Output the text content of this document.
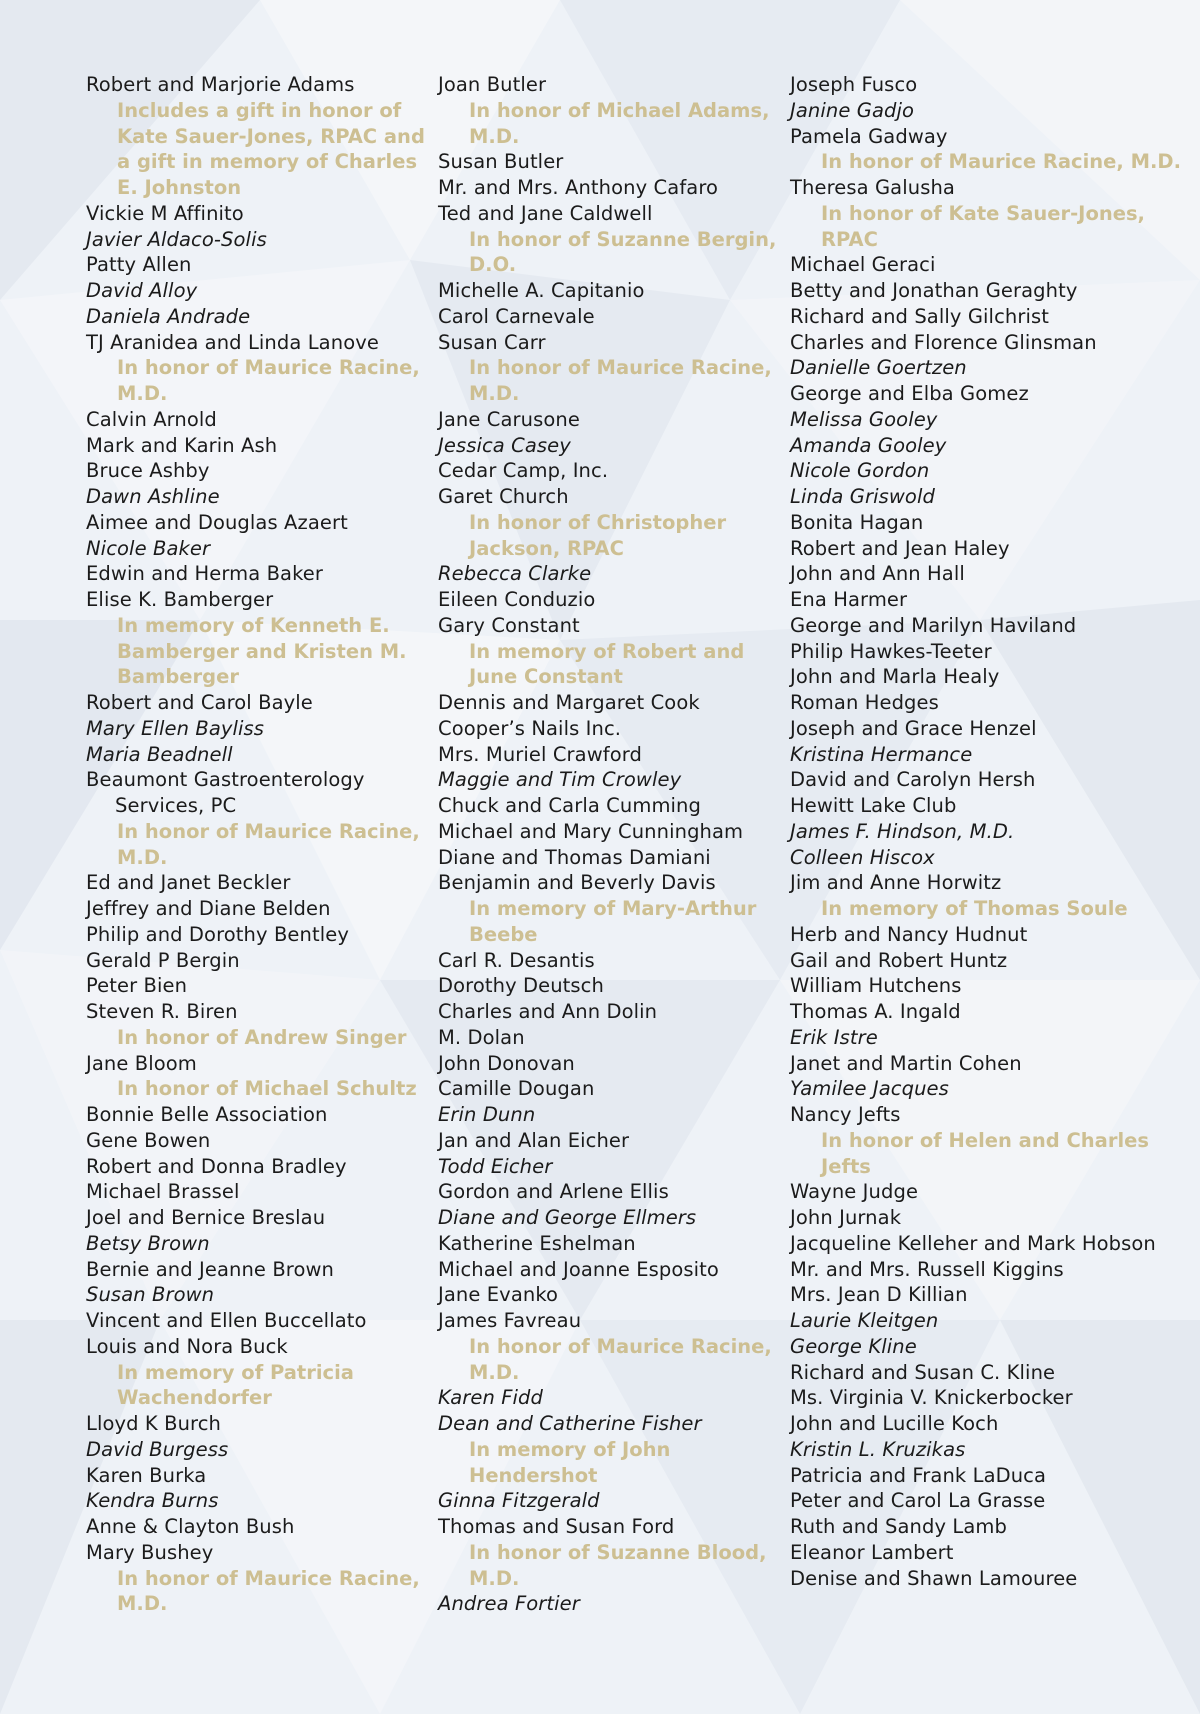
Robert and Marjorie Adams
Includes a gift in honor of Kate Sauer-Jones, RPAC and a gift in memory of Charles E. Johnston
Vickie M Affinito
Javier Aldaco-Solis
Patty Allen
David Alloy
Daniela Andrade
TJ Aranidea and Linda Lanove
In honor of Maurice Racine, M.D.
Calvin Arnold
Mark and Karin Ash
Bruce Ashby
Dawn Ashline
Aimee and Douglas Azaert
Nicole Baker
Edwin and Herma Baker
Elise K. Bamberger
In memory of Kenneth E. Bamberger and Kristen M. Bamberger
Robert and Carol Bayle
Mary Ellen Bayliss
Maria Beadnell
Beaumont Gastroenterology Services, PC
In honor of Maurice Racine, M.D.
Ed and Janet Beckler
Jeffrey and Diane Belden
Philip and Dorothy Bentley
Gerald P Bergin
Peter Bien
Steven R. Biren
In honor of Andrew Singer
Jane Bloom
In honor of Michael Schultz
Bonnie Belle Association
Gene Bowen
Robert and Donna Bradley
Michael Brassel
Joel and Bernice Breslau
Betsy Brown
Bernie and Jeanne Brown
Susan Brown
Vincent and Ellen Buccellato
Louis and Nora Buck
In memory of Patricia Wachendorfer
Lloyd K Burch
David Burgess
Karen Burka
Kendra Burns
Anne & Clayton Bush
Mary Bushey
In honor of Maurice Racine, M.D.
Joan Butler
In honor of Michael Adams, M.D.
Susan Butler
Mr. and Mrs. Anthony Cafaro
Ted and Jane Caldwell
In honor of Suzanne Bergin, D.O.
Michelle A. Capitanio
Carol Carnevale
Susan Carr
In honor of Maurice Racine, M.D.
Jane Carusone
Jessica Casey
Cedar Camp, Inc.
Garet Church
In honor of Christopher Jackson, RPAC
Rebecca Clarke
Eileen Conduzio
Gary Constant
In memory of Robert and June Constant
Dennis and Margaret Cook
Cooper’s Nails Inc.
Mrs. Muriel Crawford
Maggie and Tim Crowley
Chuck and Carla Cumming
Michael and Mary Cunningham
Diane and Thomas Damiani
Benjamin and Beverly Davis
In memory of Mary-Arthur Beebe
Carl R. Desantis
Dorothy Deutsch
Charles and Ann Dolin
M. Dolan
John Donovan
Camille Dougan
Erin Dunn
Jan and Alan Eicher
Todd Eicher
Gordon and Arlene Ellis
Diane and George Ellmers
Katherine Eshelman
Michael and Joanne Esposito
Jane Evanko
James Favreau
In honor of Maurice Racine, M.D.
Karen Fidd
Dean and Catherine Fisher
In memory of John Hendershot
Ginna Fitzgerald
Thomas and Susan Ford
In honor of Suzanne Blood, M.D.
Andrea Fortier
Joseph Fusco
Janine Gadjo
Pamela Gadway
In honor of Maurice Racine, M.D.
Theresa Galusha
In honor of Kate Sauer-Jones, RPAC
Michael Geraci
Betty and Jonathan Geraghty
Richard and Sally Gilchrist
Charles and Florence Glinsman
Danielle Goertzen
George and Elba Gomez
Melissa Gooley
Amanda Gooley
Nicole Gordon
Linda Griswold
Bonita Hagan
Robert and Jean Haley
John and Ann Hall
Ena Harmer
George and Marilyn Haviland
Philip Hawkes-Teeter
John and Marla Healy
Roman Hedges
Joseph and Grace Henzel
Kristina Hermance
David and Carolyn Hersh
Hewitt Lake Club
James F. Hindson, M.D.
Colleen Hiscox
Jim and Anne Horwitz
In memory of Thomas Soule
Herb and Nancy Hudnut
Gail and Robert Huntz
William Hutchens
Thomas A. Ingald
Erik Istre
Janet and Martin Cohen
Yamilee Jacques
Nancy Jefts
In honor of Helen and Charles Jefts
Wayne Judge
John Jurnak
Jacqueline Kelleher and Mark Hobson
Mr. and Mrs. Russell Kiggins
Mrs. Jean D Killian
Laurie Kleitgen
George Kline
Richard and Susan C. Kline
Ms. Virginia V. Knickerbocker
John and Lucille Koch
Kristin L. Kruzikas
Patricia and Frank LaDuca
Peter and Carol La Grasse
Ruth and Sandy Lamb
Eleanor Lambert
Denise and Shawn Lamouree
